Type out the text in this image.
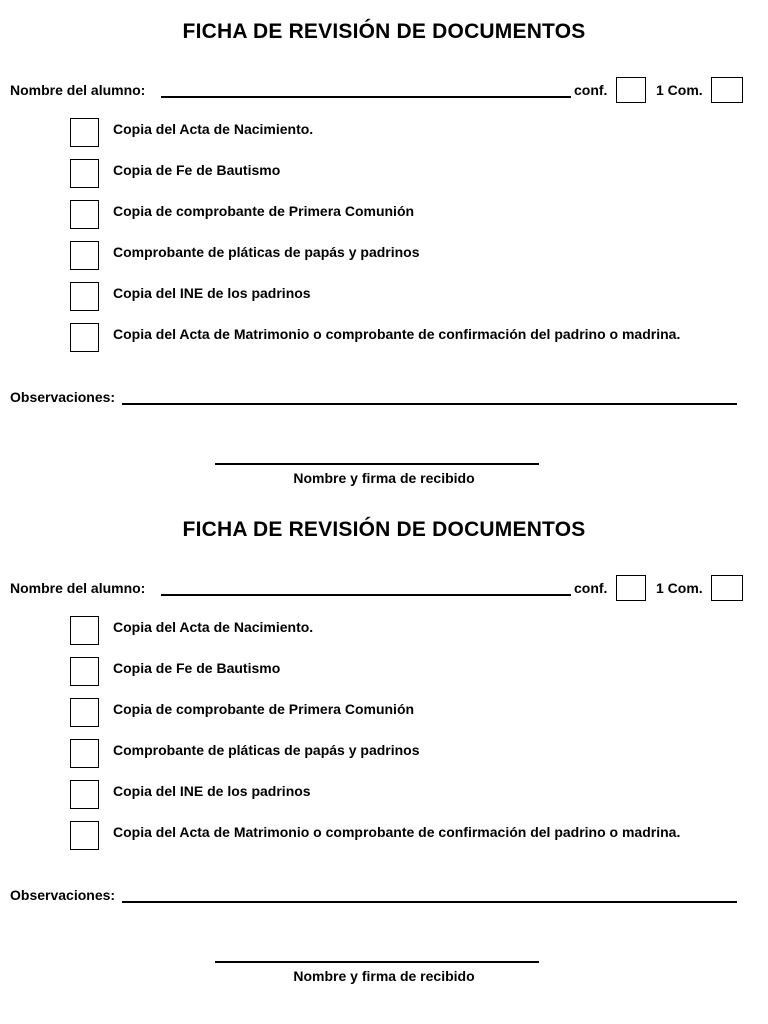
FICHA DE REVISIÓN DE DOCUMENTOS
Nombre del alumno:	conf.	1 Com.
Copia del Acta de Nacimiento.
Copia de Fe de Bautismo
Copia de comprobante de Primera Comunión
Comprobante de pláticas de papás y padrinos
Copia del INE de los padrinos
Copia del Acta de Matrimonio o comprobante de confirmación del padrino o madrina.
Observaciones:
Nombre y firma de recibido
FICHA DE REVISIÓN DE DOCUMENTOS
Nombre del alumno:	conf.	1 Com.
Copia del Acta de Nacimiento.
Copia de Fe de Bautismo
Copia de comprobante de Primera Comunión
Comprobante de pláticas de papás y padrinos
Copia del INE de los padrinos
Copia del Acta de Matrimonio o comprobante de confirmación del padrino o madrina.
Observaciones:
Nombre y firma de recibido
